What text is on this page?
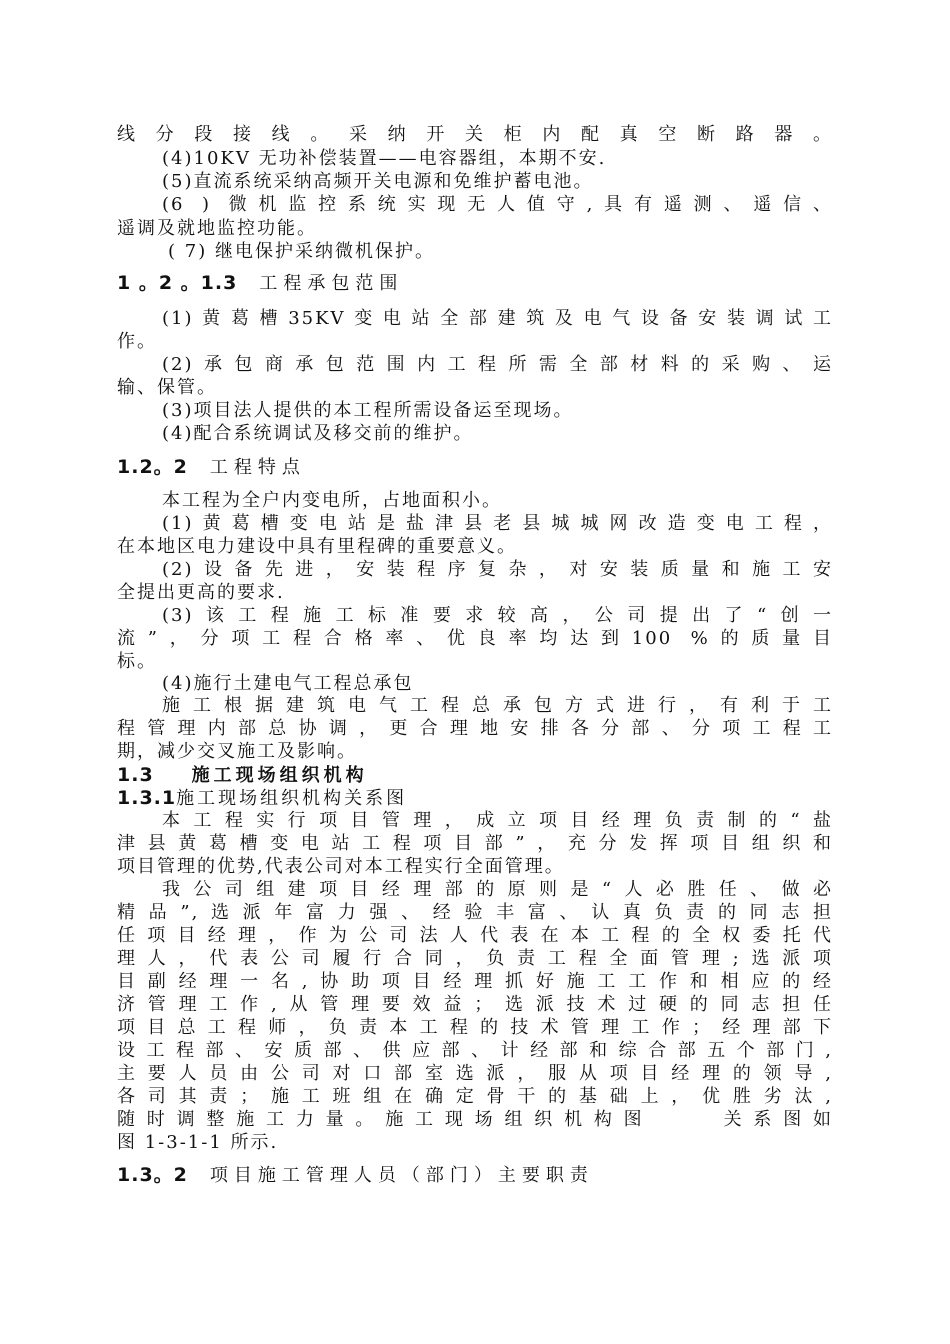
线分段接线。采纳开关柜内配真空断路器。
(4)10KV 无功补偿装置——电容器组，本期不安.
(5)直流系统采纳高频开关电源和免维护蓄电池。
(6 ) 微机监控系统实现无人值守,具有遥测、遥信、
遥调及就地监控功能。
( 7) 继电保护采纳微机保护。
1 。2 。1.3 工程承包范围
(1)黄葛槽35KV变电站全部建筑及电气设备安装调试工
作。
(2)承包商承包范围内工程所需全部材料的采购、运
输、保管。
(3)项目法人提供的本工程所需设备运至现场。
(4)配合系统调试及移交前的维护。
1.2。2 工程特点
本工程为全户内变电所，占地面积小。
(1)黄葛槽变电站是盐津县老县城城网改造变电工程，
在本地区电力建设中具有里程碑的重要意义。
(2)设备先进，安装程序复杂，对安装质量和施工安
全提出更高的要求.
(3)该工程施工标准要求较高，公司提出了“创一
流”，分项工程合格率、优良率均达到100 %的质量目
标。
(4)施行土建电气工程总承包
施工根据建筑电气工程总承包方式进行，有利于工
程管理内部总协调，更合理地安排各分部、分项工程工
期，减少交叉施工及影响。
1.3 施工现场组织机构
1.3.1施工现场组织机构关系图
本工程实行项目管理，成立项目经理负责制的“盐
津县黄葛槽变电站工程项目部”，充分发挥项目组织和
项目管理的优势,代表公司对本工程实行全面管理。
我公司组建项目经理部的原则是“人必胜任、做必
精品”,选派年富力强、经验丰富、认真负责的同志担
任项目经理，作为公司法人代表在本工程的全权委托代
理人，代表公司履行合同，负责工程全面管理;选派项
目副经理一名,协助项目经理抓好施工工作和相应的经
济管理工作,从管理要效益；选派技术过硬的同志担任
项目总工程师，负责本工程的技术管理工作；经理部下
设工程部、安质部、供应部、计经部和综合部五个部门,
主要人员由公司对口部室选派，服从项目经理的领导,
各司其责；施工班组在确定骨干的基础上，优胜劣汰,
随时调整施工力量。施工现场组织机构图    关系图如
图 1-3-1-1 所示.
1.3。2 项目施工管理人员（部门）主要职责
